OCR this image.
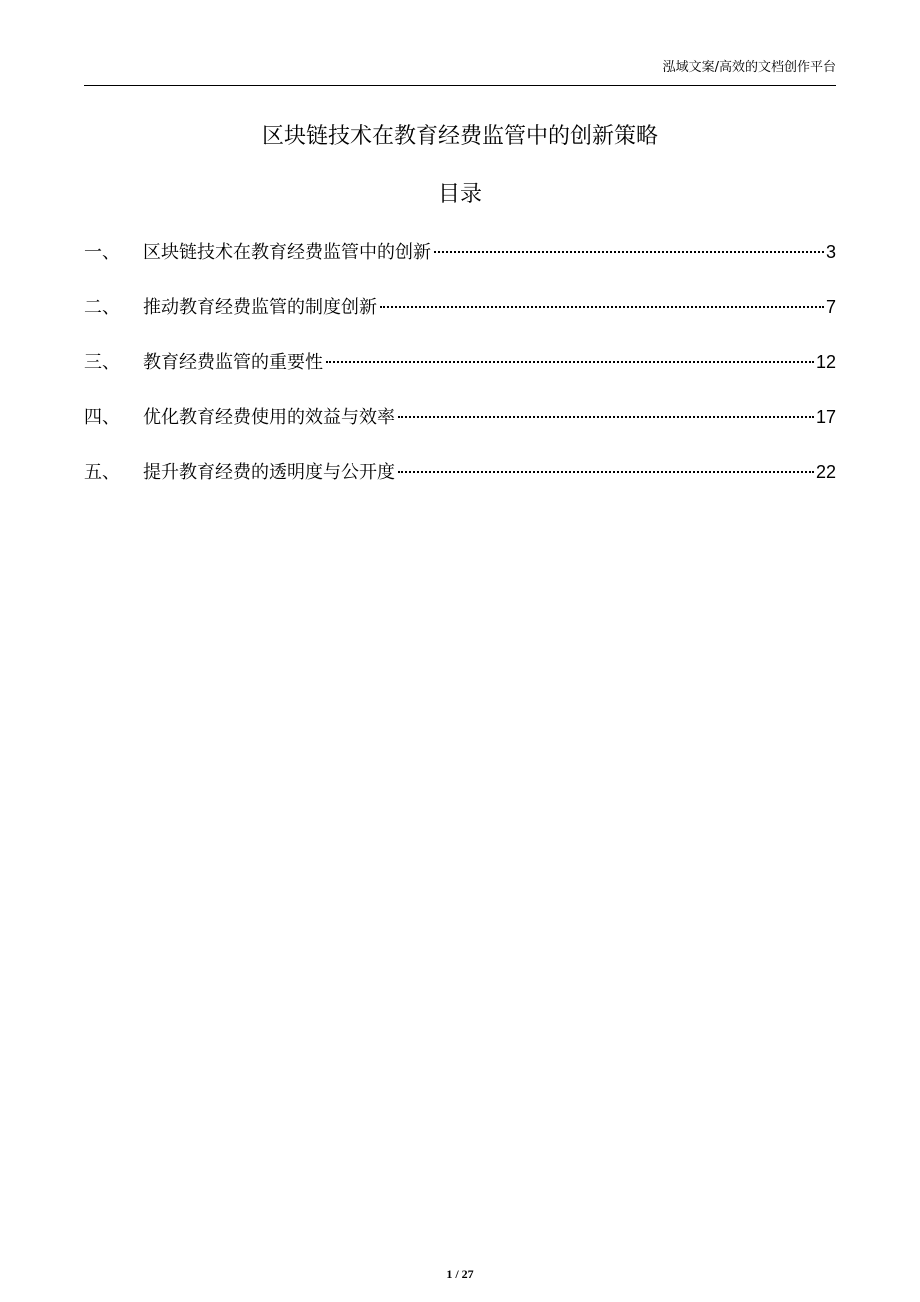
泓域文案/高效的文档创作平台
区块链技术在教育经费监管中的创新策略
目录
一、	区块链技术在教育经费监管中的创新	3
二、	推动教育经费监管的制度创新	7
三、	教育经费监管的重要性	12
四、	优化教育经费使用的效益与效率	17
五、	提升教育经费的透明度与公开度	22
1 / 27
